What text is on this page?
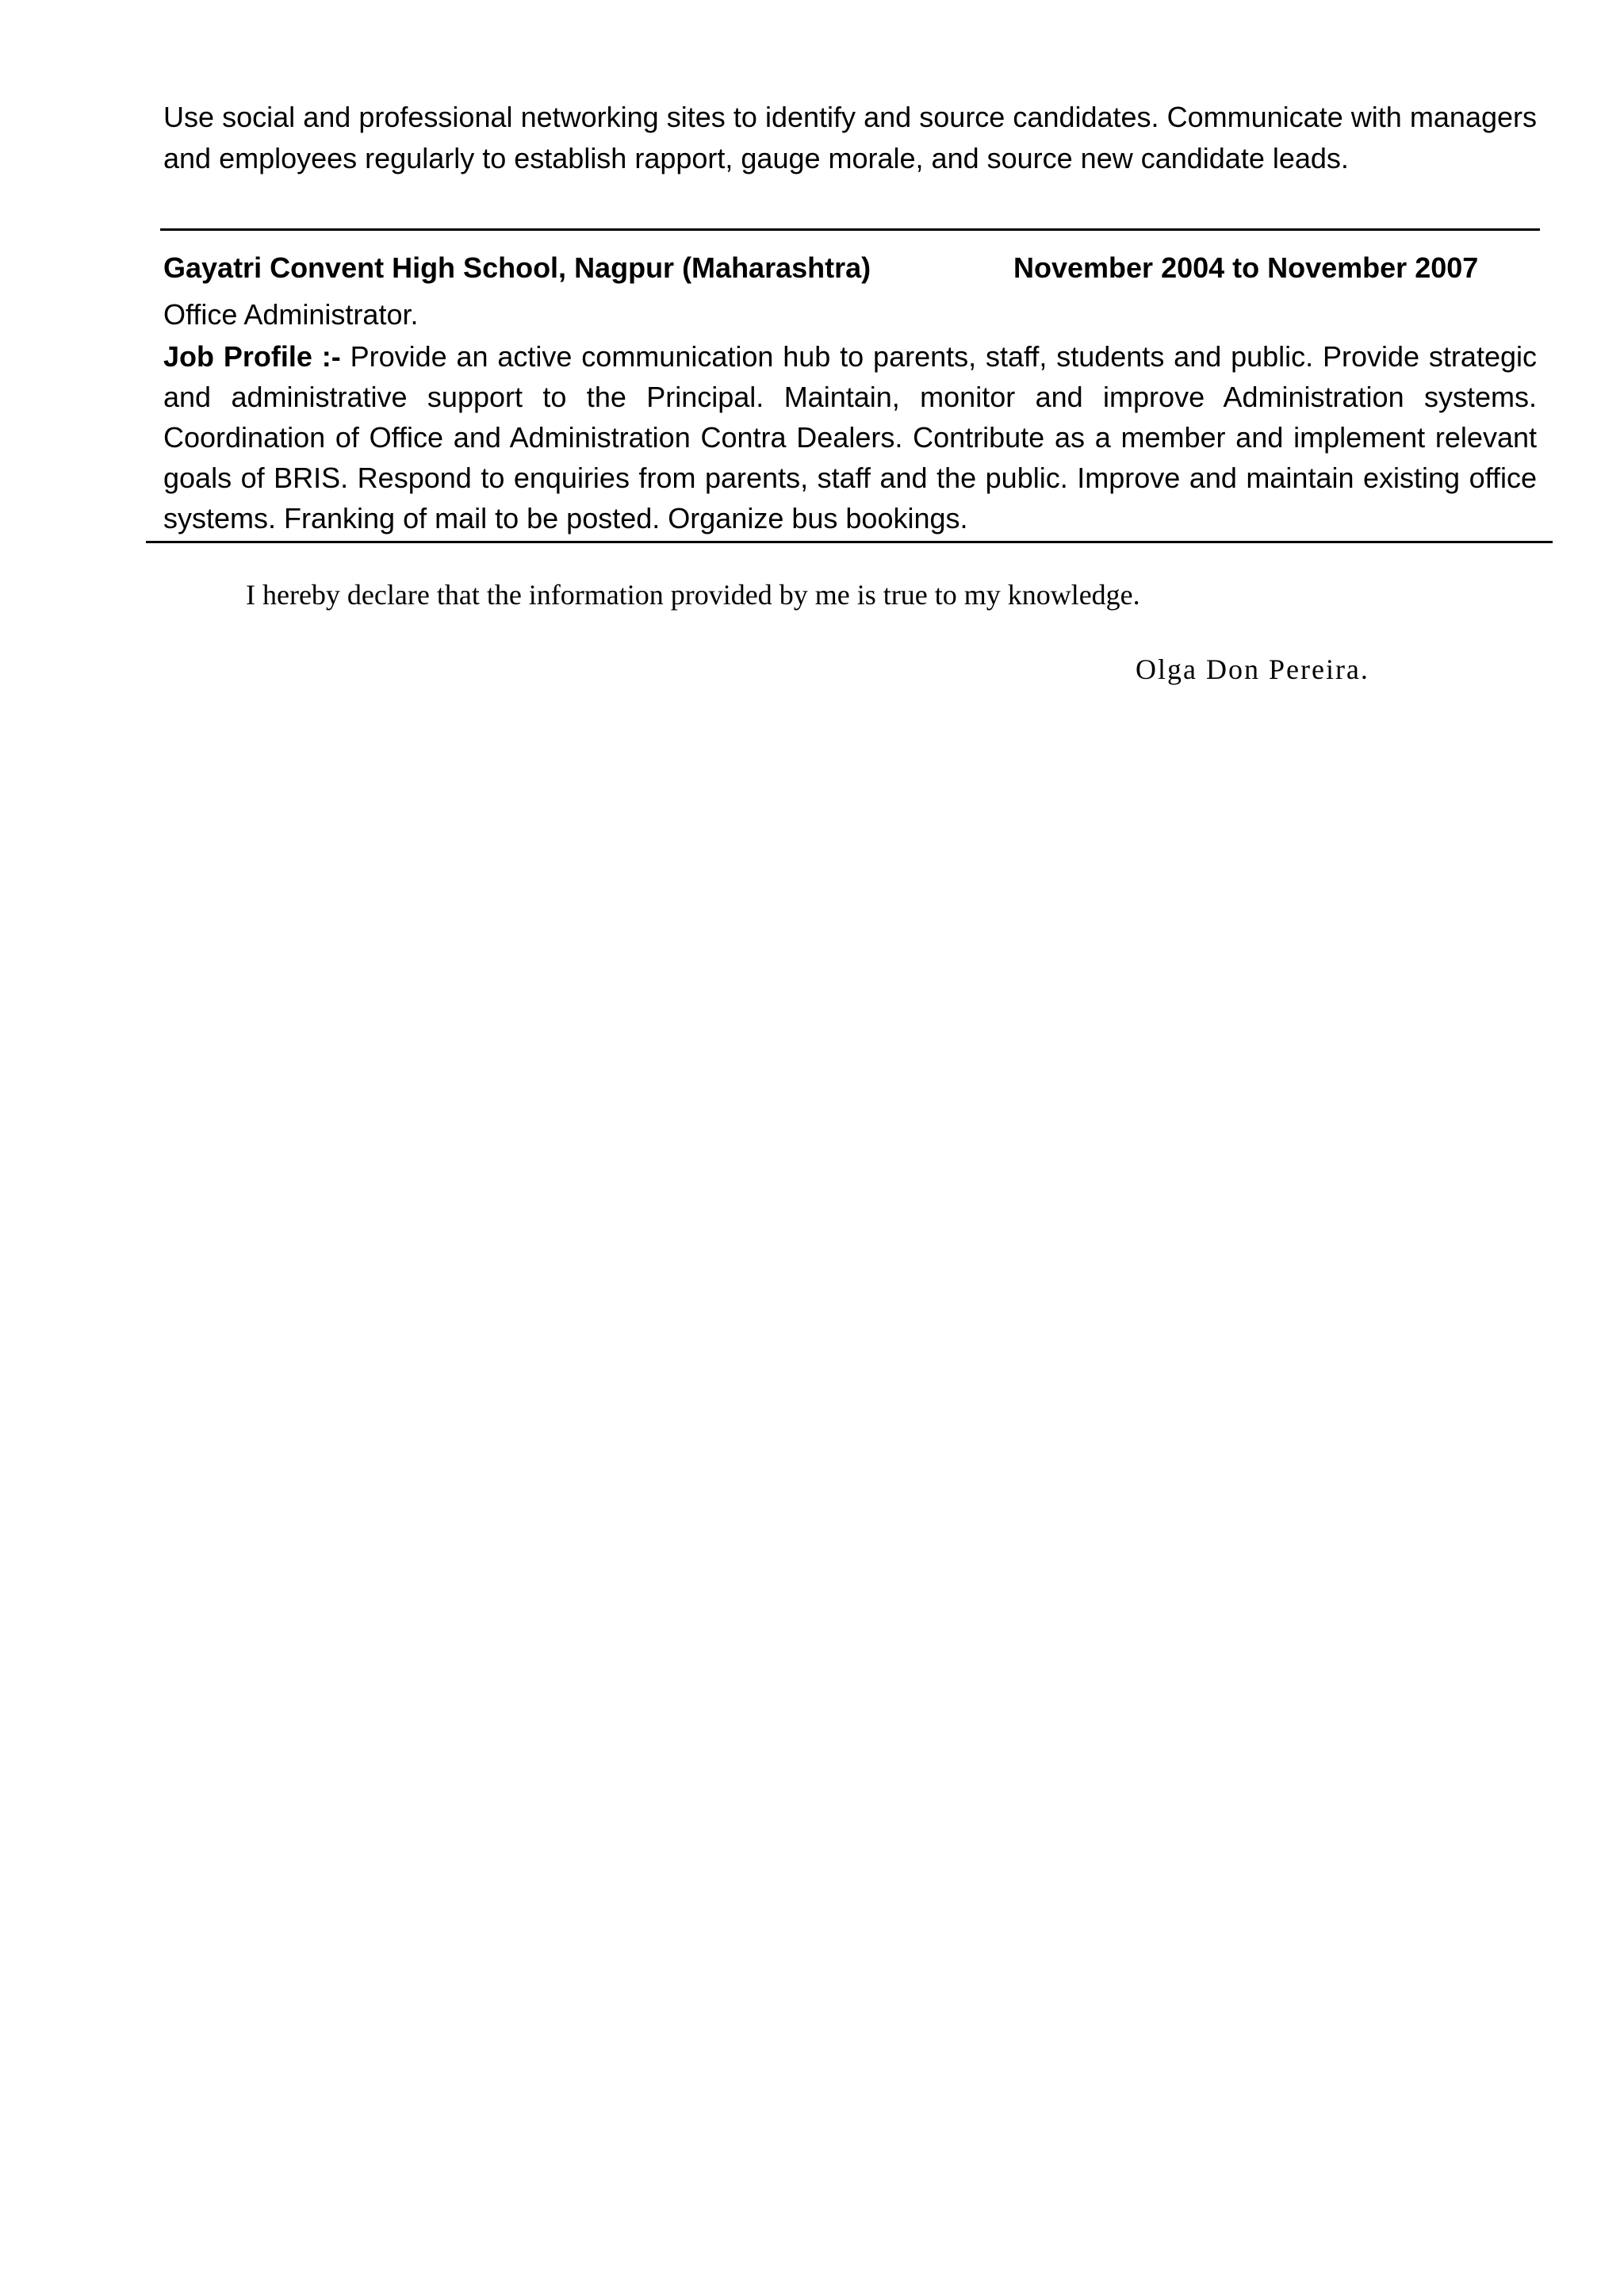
Use social and professional networking sites to identify and source candidates. Communicate with managers and employees regularly to establish rapport, gauge morale, and source new candidate leads.

Gayatri Convent High School, Nagpur (Maharashtra)	November 2004 to November 2007

Office Administrator.

Job Profile :- Provide an active communication hub to parents, staff, students and public. Provide strategic and administrative support to the Principal. Maintain, monitor and improve Administration systems. Coordination of Office and Administration Contra Dealers. Contribute as a member and implement relevant goals of BRIS. Respond to enquiries from parents, staff and the public. Improve and maintain existing office systems. Franking of mail to be posted. Organize bus bookings.

I hereby declare that the information provided by me is true to my knowledge.

Olga Don Pereira.
